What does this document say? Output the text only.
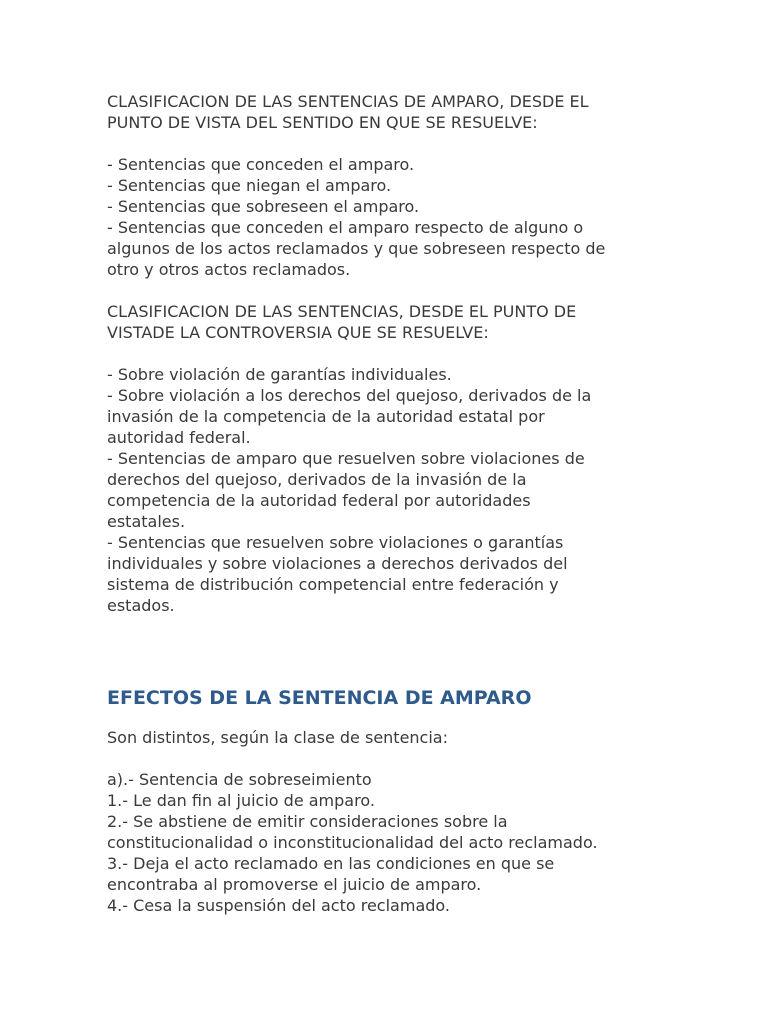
CLASIFICACION DE LAS SENTENCIAS DE AMPARO, DESDE EL
PUNTO DE VISTA DEL SENTIDO EN QUE SE RESUELVE:
- Sentencias que conceden el amparo.
- Sentencias que niegan el amparo.
- Sentencias que sobreseen el amparo.
- Sentencias que conceden el amparo respecto de alguno o
algunos de los actos reclamados y que sobreseen respecto de
otro y otros actos reclamados.
CLASIFICACION DE LAS SENTENCIAS, DESDE EL PUNTO DE
VISTADE LA CONTROVERSIA QUE SE RESUELVE:
- Sobre violación de garantías individuales.
- Sobre violación a los derechos del quejoso, derivados de la
invasión de la competencia de la autoridad estatal por
autoridad federal.
- Sentencias de amparo que resuelven sobre violaciones de
derechos del quejoso, derivados de la invasión de la
competencia de la autoridad federal por autoridades
estatales.
- Sentencias que resuelven sobre violaciones o garantías
individuales y sobre violaciones a derechos derivados del
sistema de distribución competencial entre federación y
estados.
EFECTOS DE LA SENTENCIA DE AMPARO
Son distintos, según la clase de sentencia:
a).- Sentencia de sobreseimiento
1.- Le dan fin al juicio de amparo.
2.- Se abstiene de emitir consideraciones sobre la
constitucionalidad o inconstitucionalidad del acto reclamado.
3.- Deja el acto reclamado en las condiciones en que se
encontraba al promoverse el juicio de amparo.
4.- Cesa la suspensión del acto reclamado.
